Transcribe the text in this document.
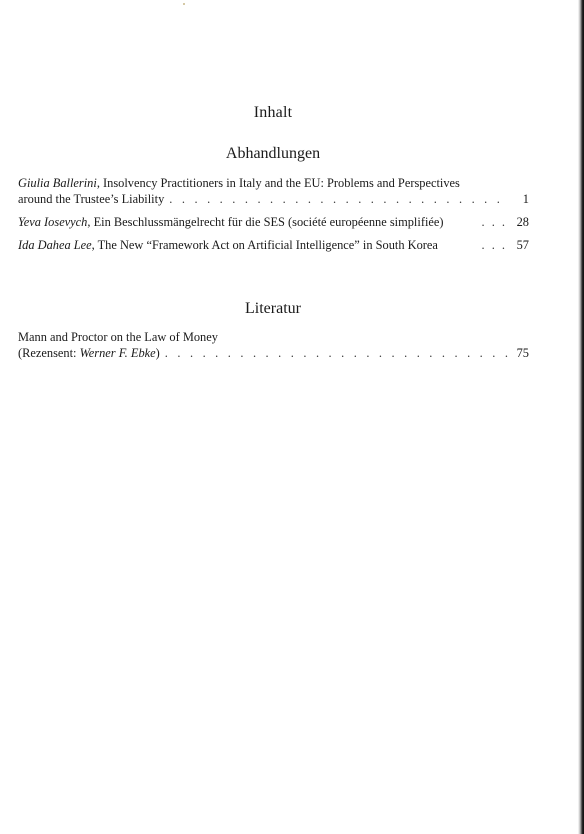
Inhalt
Abhandlungen
Giulia Ballerini, Insolvency Practitioners in Italy and the EU: Problems and Perspectives
around the Trustee’s Liability . . .	1
Yeva Iosevych, Ein Beschlussmängelrecht für die SES (société européenne simplifiée)	. . . 28
Ida Dahea Lee, The New “Framework Act on Artificial Intelligence” in South Korea	. . . 57
Literatur
Mann and Proctor on the Law of Money
(Rezensent: Werner F. Ebke) . . .	75
